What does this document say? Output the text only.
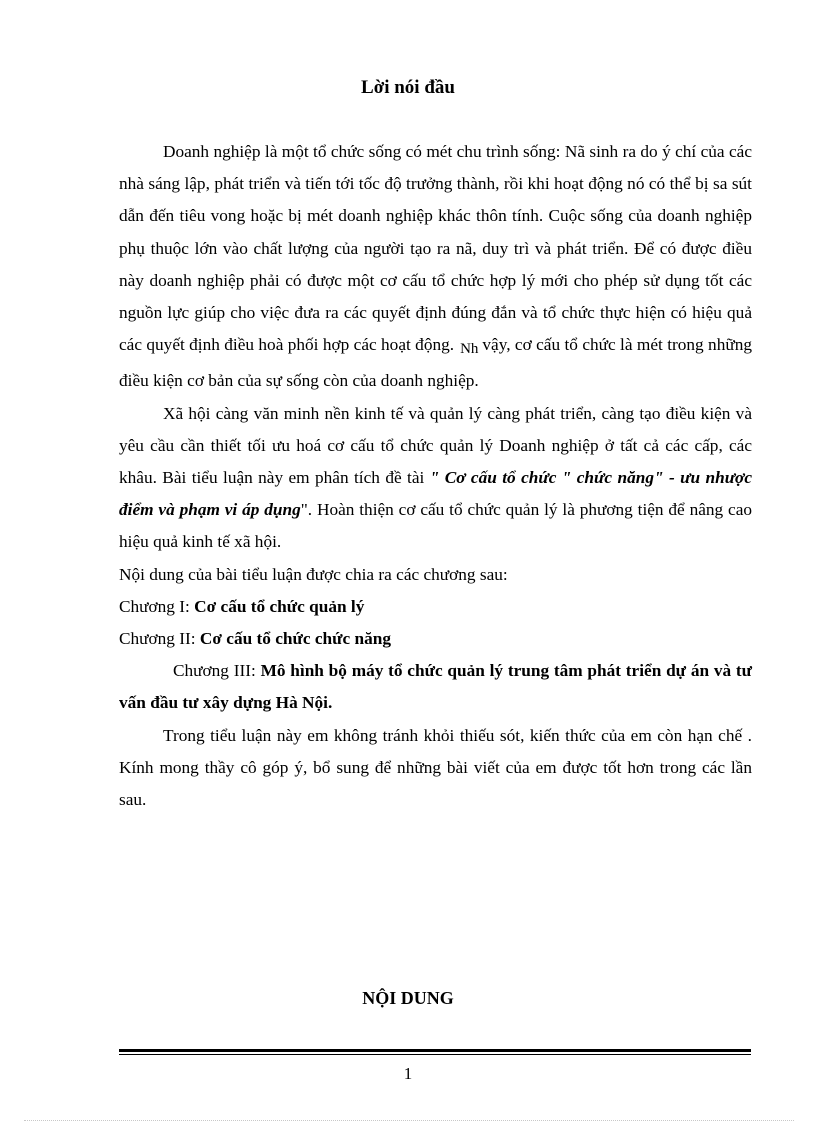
Lời nói đầu

Doanh nghiệp là một tổ chức sống có mét chu trình sống: Nã sinh ra do ý chí của các nhà sáng lập, phát triển và tiến tới tốc độ trưởng thành, rồi khi hoạt động nó có thể bị sa sút dẫn đến tiêu vong hoặc bị mét doanh nghiệp khác thôn tính. Cuộc sống của doanh nghiệp phụ thuộc lớn vào chất lượng của người tạo ra nã, duy trì và phát triển. Để có được điều này doanh nghiệp phải có được một cơ cấu tổ chức hợp lý mới cho phép sử dụng tốt các nguồn lực giúp cho việc đưa ra các quyết định đúng đắn và tổ chức thực hiện có hiệu quả các quyết định điều hoà phối hợp các hoạt động. Nh vậy, cơ cấu tổ chức là mét trong những điều kiện cơ bản của sự sống còn của doanh nghiệp.

Xã hội càng văn minh nền kinh tế và quản lý càng phát triển, càng tạo điều kiện và yêu cầu cần thiết tối ưu hoá cơ cấu tổ chức quản lý Doanh nghiệp ở tất cả các cấp, các khâu. Bài tiểu luận này em phân tích đề tài " Cơ cấu tổ chức " chức năng" - ưu nhược điểm và phạm vi áp dụng". Hoàn thiện cơ cấu tổ chức quản lý là phương tiện để nâng cao hiệu quả kinh tế xã hội.

Nội dung của bài tiểu luận được chia ra các chương sau:

Chương I: Cơ cấu tổ chức quản lý

Chương II: Cơ cấu tổ chức chức năng

Chương III: Mô hình bộ máy tổ chức quản lý trung tâm phát triển dự án và tư vấn đầu tư xây dựng Hà Nội.

Trong tiểu luận này em không tránh khỏi thiếu sót, kiến thức của em còn hạn chế . Kính mong thầy cô góp ý, bổ sung để những bài viết của em được tốt hơn trong các lần sau.

NỘI DUNG
1
